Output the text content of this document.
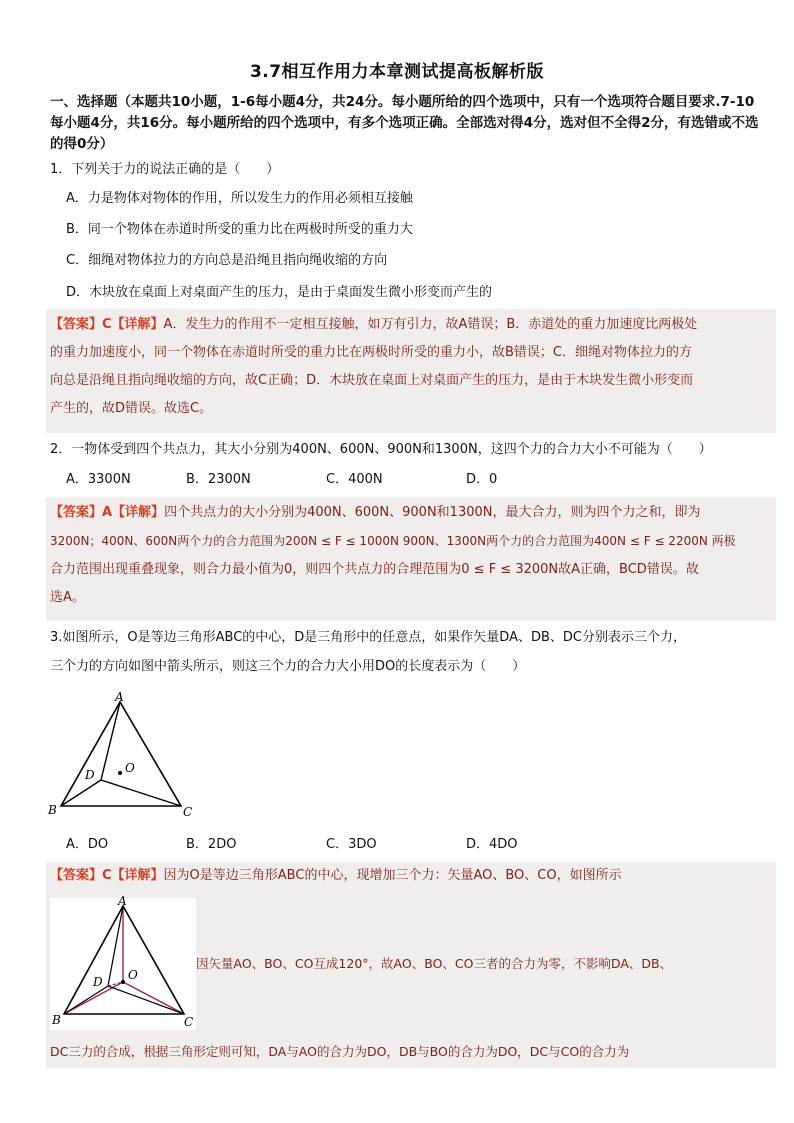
3.7相互作用力本章测试提高板解析版
一、选择题（本题共10小题，1-6每小题4分，共24分。每小题所给的四个选项中，只有一个选项符合题目要求.7-10每小题4分，共16分。每小题所给的四个选项中，有多个选项正确。全部选对得4分，选对但不全得2分，有选错或不选的得0分）
1．下列关于力的说法正确的是（　　）
A．力是物体对物体的作用，所以发生力的作用必须相互接触
B．同一个物体在赤道时所受的重力比在两极时所受的重力大
C．细绳对物体拉力的方向总是沿绳且指向绳收缩的方向
D．木块放在桌面上对桌面产生的压力，是由于桌面发生微小形变而产生的
【答案】C【详解】A．发生力的作用不一定相互接触，如万有引力，故A错误；B．赤道处的重力加速度比两极处
的重力加速度小，同一个物体在赤道时所受的重力比在两极时所受的重力小，故B错误；C．细绳对物体拉力的方
向总是沿绳且指向绳收缩的方向，故C正确；D．木块放在桌面上对桌面产生的压力，是由于木块发生微小形变而
产生的，故D错误。故选C。
2．一物体受到四个共点力，其大小分别为400N、600N、900N和1300N，这四个力的合力大小不可能为（　　）
A．3300N	B．2300N	C．400N	D．0
【答案】A【详解】四个共点力的大小分别为400N、600N、900N和1300N，最大合力，则为四个力之和，即为
3200N；400N、600N两个力的合力范围为200N ≤ F ≤ 1000N 900N、1300N两个力的合力范围为400N ≤ F ≤ 2200N 两极
合力范围出现重叠现象，则合力最小值为0，则四个共点力的合理范围为0 ≤ F ≤ 3200N故A正确，BCD错误。故
选A。
3.如图所示，O是等边三角形ABC的中心，D是三角形中的任意点，如果作矢量DA、DB、DC分别表示三个力，
三个力的方向如图中箭头所示，则这三个力的合力大小用DO的长度表示为（　　）
A
B	C
D	O
A．DO	B．2DO	C．3DO	D．4DO
【答案】C【详解】因为O是等边三角形ABC的中心，现增加三个力：矢量AO、BO、CO，如图所示
A
B	C
D O
因矢量AO、BO、CO互成120°，故AO、BO、CO三者的合力为零，不影响DA、DB、
DC三力的合成，根据三角形定则可知，DA与AO的合力为DO，DB与BO的合力为DO，DC与CO的合力为
